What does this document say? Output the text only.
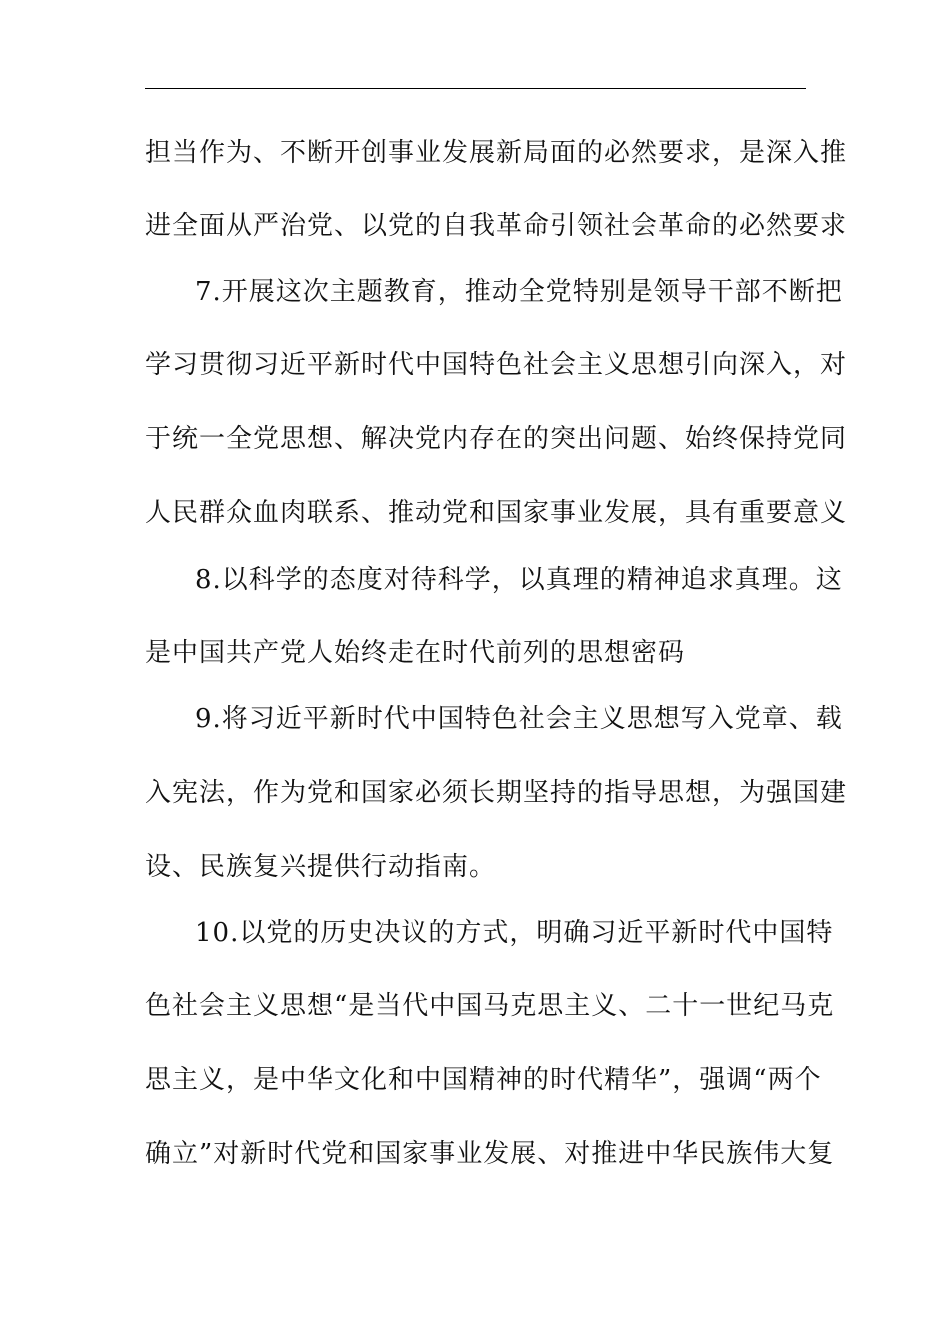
担当作为、不断开创事业发展新局面的必然要求，是深入推
进全面从严治党、以党的自我革命引领社会革命的必然要求
7.开展这次主题教育，推动全党特别是领导干部不断把
学习贯彻习近平新时代中国特色社会主义思想引向深入，对
于统一全党思想、解决党内存在的突出问题、始终保持党同
人民群众血肉联系、推动党和国家事业发展，具有重要意义
8.以科学的态度对待科学，以真理的精神追求真理。这
是中国共产党人始终走在时代前列的思想密码
9.将习近平新时代中国特色社会主义思想写入党章、载
入宪法，作为党和国家必须长期坚持的指导思想，为强国建
设、民族复兴提供行动指南。
10.以党的历史决议的方式，明确习近平新时代中国特
色社会主义思想“是当代中国马克思主义、二十一世纪马克
思主义，是中华文化和中国精神的时代精华”，强调“两个
确立”对新时代党和国家事业发展、对推进中华民族伟大复
